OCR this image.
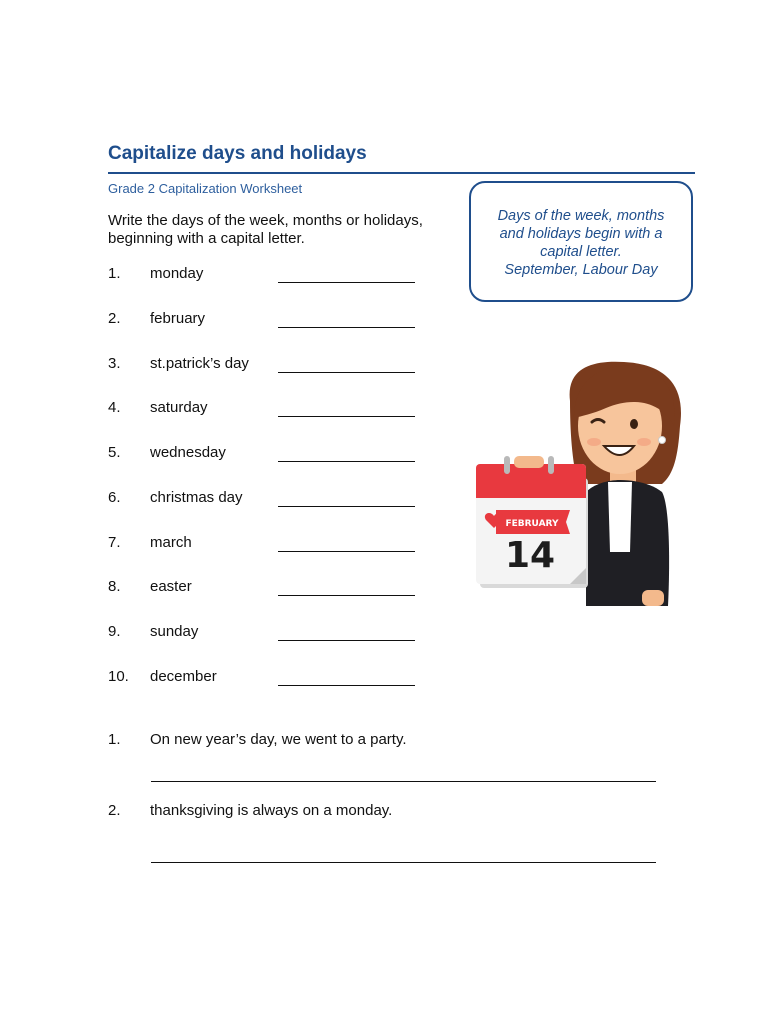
Capitalize days and holidays
Grade 2 Capitalization Worksheet
Write the days of the week, months or holidays, beginning with a capital letter.
Days of the week, months
and holidays begin with a
capital letter.
September, Labour Day
1. monday
2. february
3. st.patrick’s day
4. saturday
5. wednesday
6. christmas day
7. march
8. easter
9. sunday
10. december
1. On new year’s day, we went to a party.
2. thanksgiving is always on a monday.
FEBRUARY
14
